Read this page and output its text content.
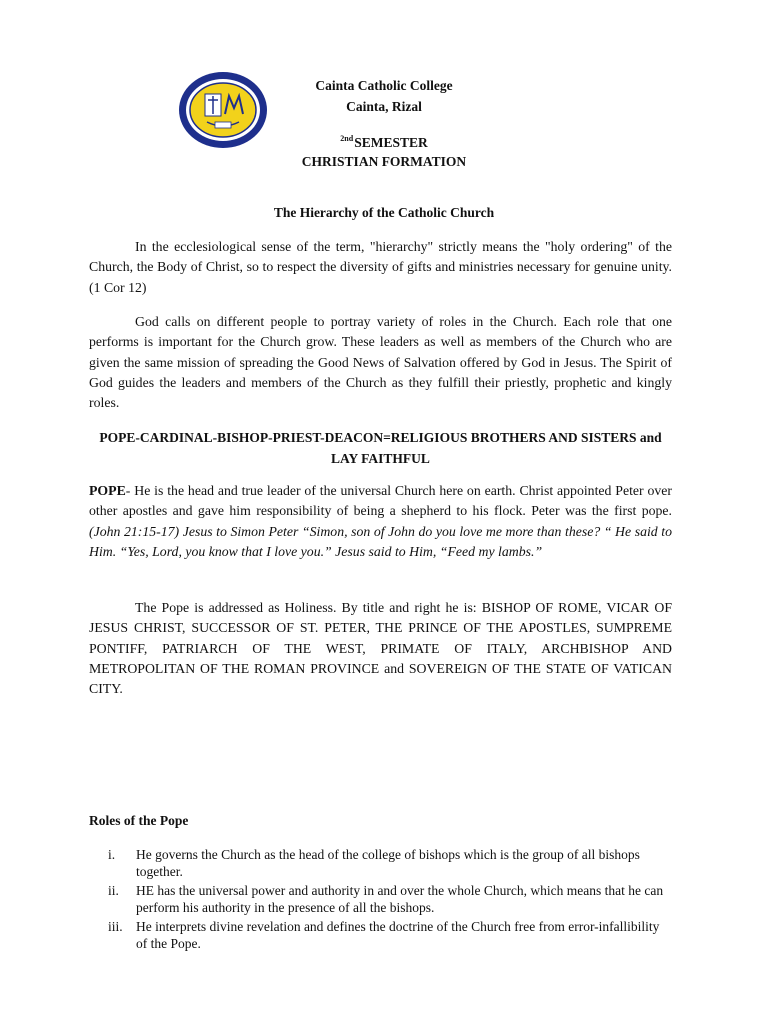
Cainta Catholic College
Cainta, Rizal
$^{2nd}$SEMESTER
CHRISTIAN FORMATION
The Hierarchy of the Catholic Church
In the ecclesiological sense of the term, "hierarchy" strictly means the "holy ordering" of the Church, the Body of Christ, so to respect the diversity of gifts and ministries necessary for genuine unity. (1 Cor 12)
God calls on different people to portray variety of roles in the Church. Each role that one performs is important for the Church grow. These leaders as well as members of the Church who are given the same mission of spreading the Good News of Salvation offered by God in Jesus. The Spirit of God guides the leaders and members of the Church as they fulfill their priestly, prophetic and kingly roles.
POPE-CARDINAL-BISHOP-PRIEST-DEACON=RELIGIOUS BROTHERS AND SISTERS and LAY FAITHFUL
POPE- He is the head and true leader of the universal Church here on earth. Christ appointed Peter over other apostles and gave him responsibility of being a shepherd to his flock. Peter was the first pope. (John 21:15-17) Jesus to Simon Peter “Simon, son of John do you love me more than these? “ He said to Him. “Yes, Lord, you know that I love you.” Jesus said to Him, “Feed my lambs.”
The Pope is addressed as Holiness. By title and right he is: BISHOP OF ROME, VICAR OF JESUS CHRIST, SUCCESSOR OF ST. PETER, THE PRINCE OF THE APOSTLES, SUMPREME PONTIFF, PATRIARCH OF THE WEST, PRIMATE OF ITALY, ARCHBISHOP AND METROPOLITAN OF THE ROMAN PROVINCE and SOVEREIGN OF THE STATE OF VATICAN CITY.
Roles of the Pope
i.	He governs the Church as the head of the college of bishops which is the group of all bishops together.
ii.	HE has the universal power and authority in and over the whole Church, which means that he can perform his authority in the presence of all the bishops.
iii. He interprets divine revelation and defines the doctrine of the Church free from error-infallibility of the Pope.
